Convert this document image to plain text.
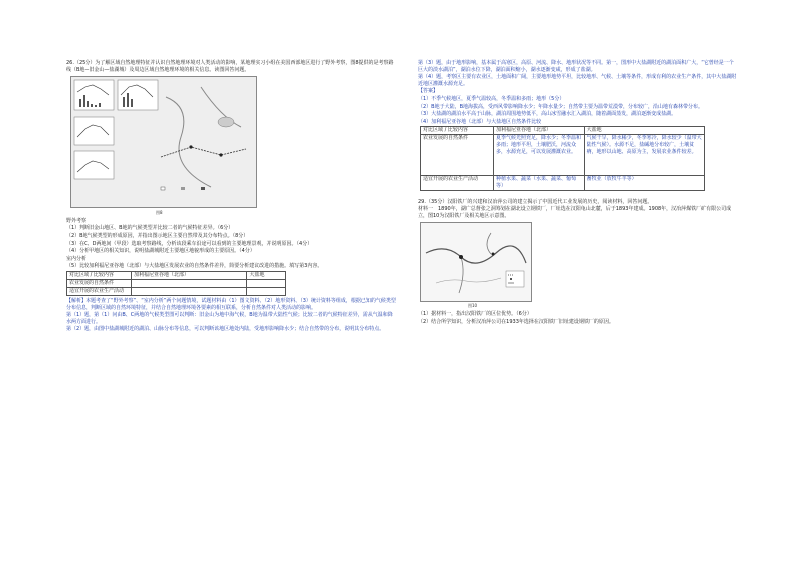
26.（25分）为了解区域自然地理特征并认识自然地理环境对人类活动的影响，某地理实习小组在美国西部地区进行了野外考察，图8提供的是考察路线（B地—旧金山—盐湖城）及周边区域自然地理环境的相关信息。读图回答问题。

图8

野外考察

（1）判断旧金山地区、B地的气候类型并比较二者的气候特征差异。（6分）

（2）B地气候类型的形成原因，并指出图示地区主要自然带及其分布特点。（8分）

（3）在C、D两地间（甲段）选取考察路线，分析该段乘车沿途可以看到的主要地理景观，并说明原因。（4分）

（4）分析甲地区的相关知识，说明盐湖城附近主要地区地貌形成的主要原因。（4分）

室内分析

（5）比较加利福尼亚谷地（北部）与大盐地区发展农业的自然条件差异，简要分析建议改进的措施。填写第3内容。

对比区域 / 比较内容	加利福尼亚谷地（北部）	大盐地
农业发展的自然条件		
适宜开展的农业生产活动		

【解析】本题考查了“野外考察”、“室内分析”两个问题情境，试题材料由（1）图文资料、（2）地形资料、（3）统计资料等组成，根据已知的气候类型分布信息，判断区域的自然环境特征，并结合自然地理环境各要素的相互联系，分析自然条件对人类活动的影响。

第（1）题，第（1）问由B、C两地的气候类型图可以判断：旧金山为地中海气候，B地为温带大陆性气候；比较二者的气候特征差异，需从气温和降水两方面进行。

第（2）题，由图中盐湖城附近的湖泊、山脉分布等信息，可以判断该地区地处内陆，受地形影响降水少；结合自然带的分布，说明其分布特点。

第（3）题，由于地形影响，基本属于高寒区，高原、河流、降水、地形状况等不同。第一，图形中大盐湖附近的湖泊面积广大，“它曾经是一个巨大的淡水湖泊”，湖泊水位下降，湖泊面积缩小，湖水逐渐变咸，形成了盐湖。

第（4）题，考察区主要有农业区，土地面积广阔，主要地形地势平坦，比较地形、气候、土壤等条件，形成有利的农业生产条件，其中大盐湖附近地区灌溉水源充足。

【答案】

（1）不季气候地区，夏季气温较高，冬季温和多雨；地形（5分）

（2）B地于大陆，B地海拔高，受西风带影响降水少；年降水量少；自然带主要为温带荒漠带，分布较广，沿山地有森林带分布。

（3）大盐湖的湖泊水平高于山脉，湖泊周围地势低平，高山冰雪融水汇入湖泊，随着湖面蒸发，湖泊逐渐变成盐湖。

（4）加利福尼亚谷地（北部）与大盐地区自然条件比较

对比区域 / 比较内容	加利福尼亚谷地（北部）	大盐地
农业发展的自然条件	夏季气候光照充足，降水少；冬季温和多雨；地形平坦，土壤肥沃，河流众多，水源充足，可以发展灌溉农业。	气候干旱，降水稀少，冬季寒冷，降水较少（温带大陆性气候）。水源不足，盐碱地分布较广，土壤贫瘠，地形以山地、高原为主，发展农业条件较差。
适宜开展的农业生产活动	种植水果、蔬菜（水果、蔬菜、葡萄等）	畜牧业（放牧牛羊等）

29.（35分）汉阳铁厂的兴建和汉冶萍公司的建立揭示了中国近代工业发展的历史，阅读材料，回答问题。

材料一　1890年，湖广总督张之洞筹划在湖北设立钢铁厂，厂址选在汉阳龟山北麓，后于1893年建成。1908年，汉冶萍煤铁厂矿有限公司成立，图10为汉阳铁厂及相关地区示意图。

图10

（1）据材料一，指出汉阳铁厂的区位优势。（6分）

（2）结合所学知识，分析汉冶萍公司在1933年选择在汉阳铁厂旧址建设钢铁厂的原因。
